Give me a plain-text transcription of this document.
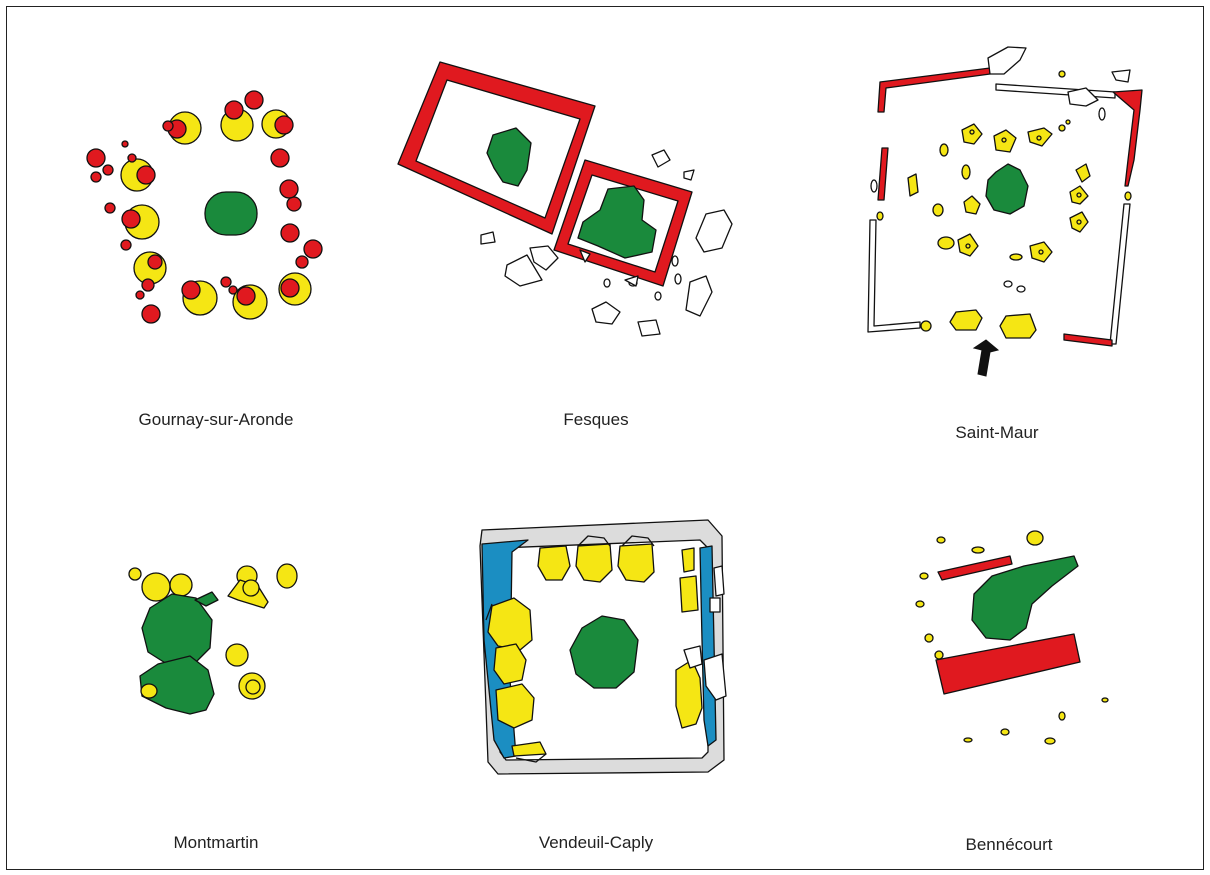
Gournay-sur-Aronde	Fesques
Saint-Maur
Montmartin	Vendeuil-Caply	Bennécourt
